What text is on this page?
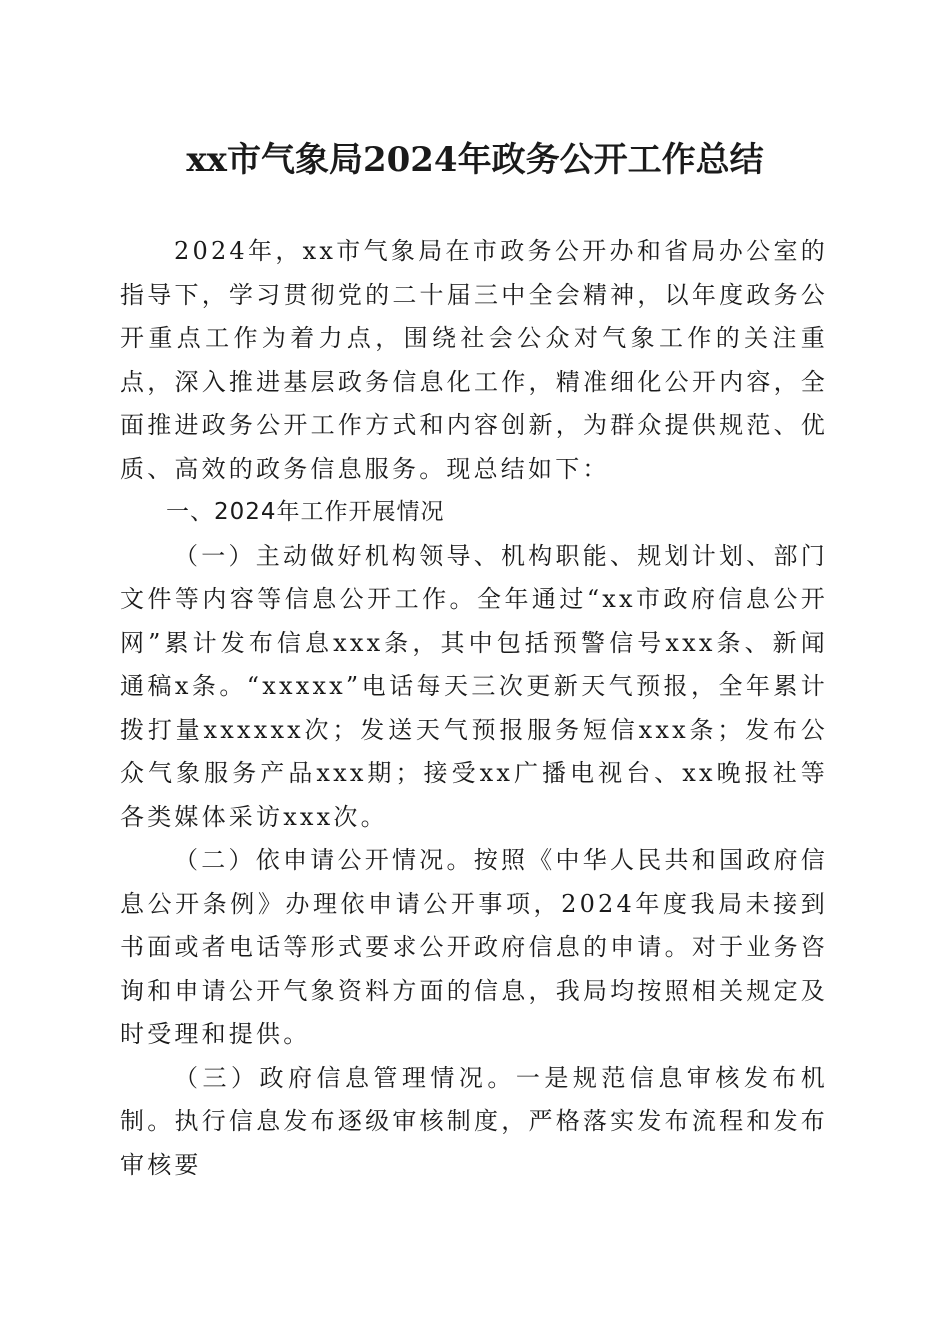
xx市气象局2024年政务公开工作总结

2024年，xx市气象局在市政务公开办和省局办公室的指导下，学习贯彻党的二十届三中全会精神，以年度政务公开重点工作为着力点，围绕社会公众对气象工作的关注重点，深入推进基层政务信息化工作，精准细化公开内容，全面推进政务公开工作方式和内容创新，为群众提供规范、优质、高效的政务信息服务。现总结如下：

一、2024年工作开展情况

（一）主动做好机构领导、机构职能、规划计划、部门文件等内容等信息公开工作。全年通过“xx市政府信息公开网”累计发布信息xxx条，其中包括预警信号xxx条、新闻通稿x条。“xxxxx”电话每天三次更新天气预报，全年累计拨打量xxxxxx次；发送天气预报服务短信xxx条；发布公众气象服务产品xxx期；接受xx广播电视台、xx晚报社等各类媒体采访xxx次。

（二）依申请公开情况。按照《中华人民共和国政府信息公开条例》办理依申请公开事项，2024年度我局未接到书面或者电话等形式要求公开政府信息的申请。对于业务咨询和申请公开气象资料方面的信息，我局均按照相关规定及时受理和提供。

（三）政府信息管理情况。一是规范信息审核发布机制。执行信息发布逐级审核制度，严格落实发布流程和发布审核要
